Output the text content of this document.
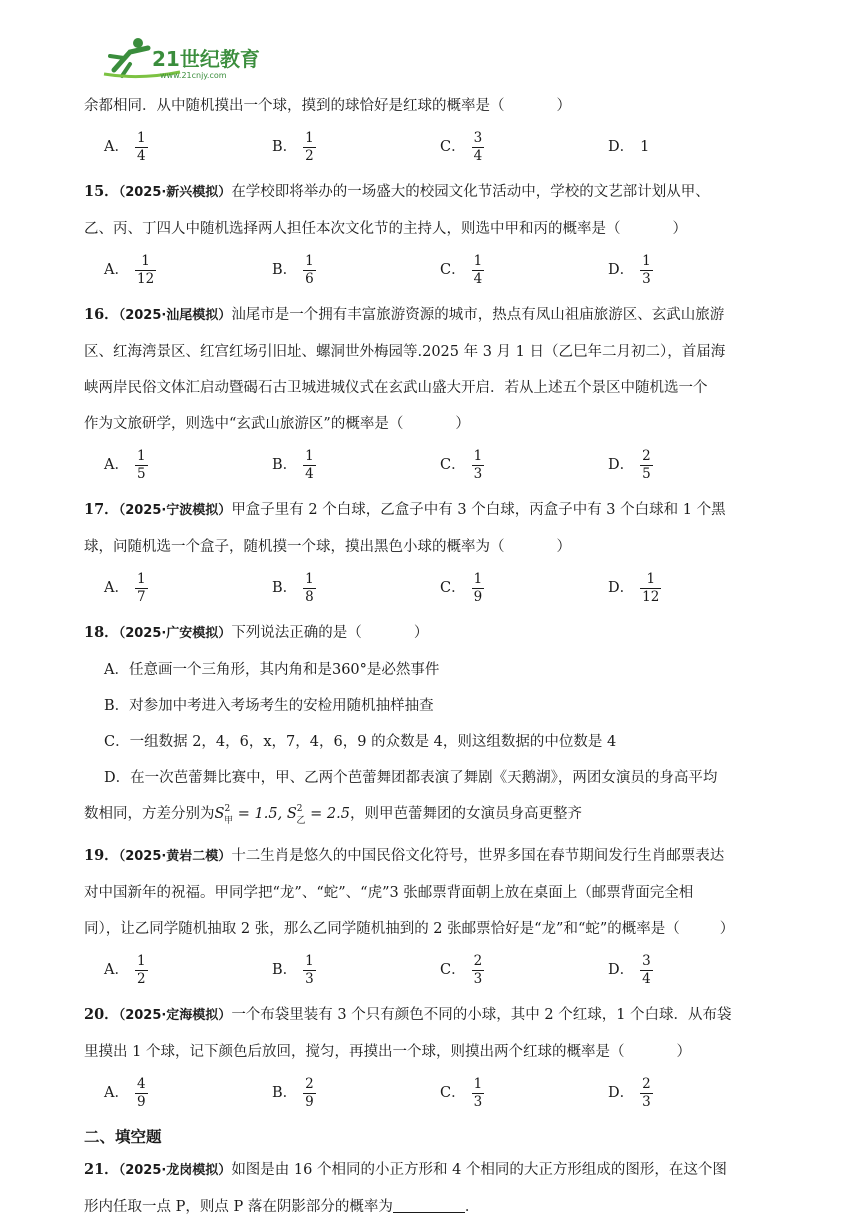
21世纪教育
www.21cnjy.com

余都相同．从中随机摸出一个球，摸到的球恰好是红球的概率是（	）

A． $\frac{1}{4}$	B． $\frac{1}{2}$	C． $\frac{3}{4}$	D． 1

15．（2025·新兴模拟）在学校即将举办的一场盛大的校园文化节活动中，学校的文艺部计划从甲、

乙、丙、丁四人中随机选择两人担任本次文化节的主持人，则选中甲和丙的概率是（	）

A． $\frac{1}{12}$	B． $\frac{1}{6}$	C． $\frac{1}{4}$	D． $\frac{1}{3}$

16．（2025·汕尾模拟）汕尾市是一个拥有丰富旅游资源的城市，热点有凤山祖庙旅游区、玄武山旅游

区、红海湾景区、红宫红场引旧址、螺洞世外梅园等.2025 年 3 月 1 日（乙巳年二月初二），首届海

峡两岸民俗文体汇启动暨碣石古卫城进城仪式在玄武山盛大开启．若从上述五个景区中随机选一个

作为文旅研学，则选中“玄武山旅游区”的概率是（	）

A． $\frac{1}{5}$	B． $\frac{1}{4}$	C． $\frac{1}{3}$	D． $\frac{2}{5}$

17．（2025·宁波模拟）甲盒子里有 2 个白球，乙盒子中有 3 个白球，丙盒子中有 3 个白球和 1 个黑

球，问随机选一个盒子，随机摸一个球，摸出黑色小球的概率为（	）

A． $\frac{1}{7}$	B． $\frac{1}{8}$	C． $\frac{1}{9}$	D． $\frac{1}{12}$

18．（2025·广安模拟）下列说法正确的是（	）

A．任意画一个三角形，其内角和是360°是必然事件

B．对参加中考进入考场考生的安检用随机抽样抽查

C．一组数据 2，4，6，x，7，4，6，9 的众数是 4，则这组数据的中位数是 4

D．在一次芭蕾舞比赛中，甲、乙两个芭蕾舞团都表演了舞剧《天鹅湖》，两团女演员的身高平均

数相同，方差分别为$S^2_甲 = 1.5$, $S^2_乙 = 2.5$，则甲芭蕾舞团的女演员身高更整齐

19．（2025·黄岩二模）十二生肖是悠久的中国民俗文化符号，世界多国在春节期间发行生肖邮票表达

对中国新年的祝福。甲同学把“龙”、“蛇”、“虎”3 张邮票背面朝上放在桌面上（邮票背面完全相

同），让乙同学随机抽取 2 张，那么乙同学随机抽到的 2 张邮票恰好是“龙”和“蛇”的概率是（	）

A． $\frac{1}{2}$	B． $\frac{1}{3}$	C． $\frac{2}{3}$	D． $\frac{3}{4}$

20．（2025·定海模拟）一个布袋里装有 3 个只有颜色不同的小球，其中 2 个红球，1 个白球．从布袋

里摸出 1 个球，记下颜色后放回，搅匀，再摸出一个球，则摸出两个红球的概率是（	）

A． $\frac{4}{9}$	B． $\frac{2}{9}$	C． $\frac{1}{3}$	D． $\frac{2}{3}$
二、填空题

21．（2025·龙岗模拟）如图是由 16 个相同的小正方形和 4 个相同的大正方形组成的图形，在这个图

形内任取一点 P，则点 P 落在阴影部分的概率为	．
